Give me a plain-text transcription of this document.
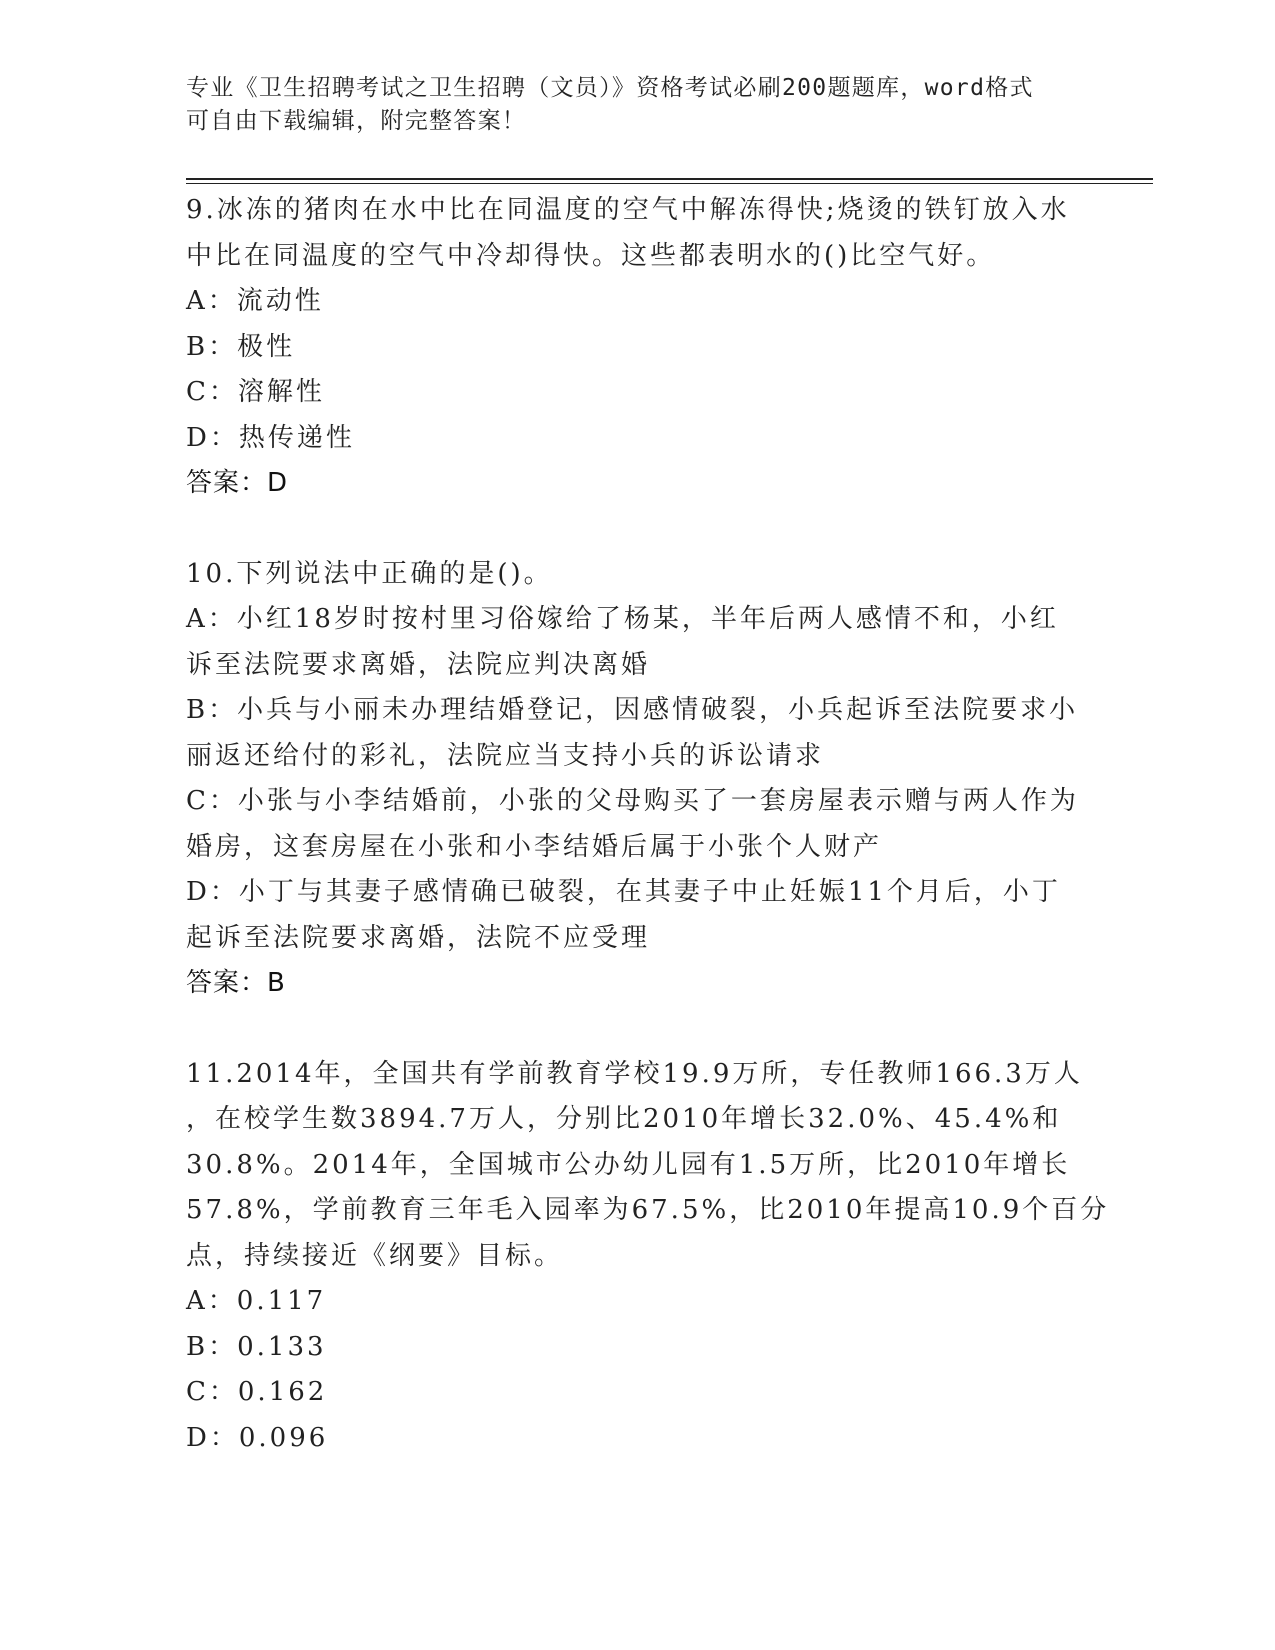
专业《卫生招聘考试之卫生招聘（文员）》资格考试必刷200题题库，word格式
可自由下载编辑，附完整答案！
9.冰冻的猪肉在水中比在同温度的空气中解冻得快;烧烫的铁钉放入水
中比在同温度的空气中冷却得快。这些都表明水的()比空气好。
A：流动性
B：极性
C：溶解性
D：热传递性
答案：D
10.下列说法中正确的是()。
A：小红18岁时按村里习俗嫁给了杨某，半年后两人感情不和，小红
诉至法院要求离婚，法院应判决离婚
B：小兵与小丽未办理结婚登记，因感情破裂，小兵起诉至法院要求小
丽返还给付的彩礼，法院应当支持小兵的诉讼请求
C：小张与小李结婚前，小张的父母购买了一套房屋表示赠与两人作为
婚房，这套房屋在小张和小李结婚后属于小张个人财产
D：小丁与其妻子感情确已破裂，在其妻子中止妊娠11个月后，小丁
起诉至法院要求离婚，法院不应受理
答案：B
11.2014年，全国共有学前教育学校19.9万所，专任教师166.3万人
，在校学生数3894.7万人，分别比2010年增长32.0%、45.4%和
30.8%。2014年，全国城市公办幼儿园有1.5万所，比2010年增长
57.8%，学前教育三年毛入园率为67.5%，比2010年提高10.9个百分
点，持续接近《纲要》目标。
A：0.117
B：0.133
C：0.162
D：0.096
